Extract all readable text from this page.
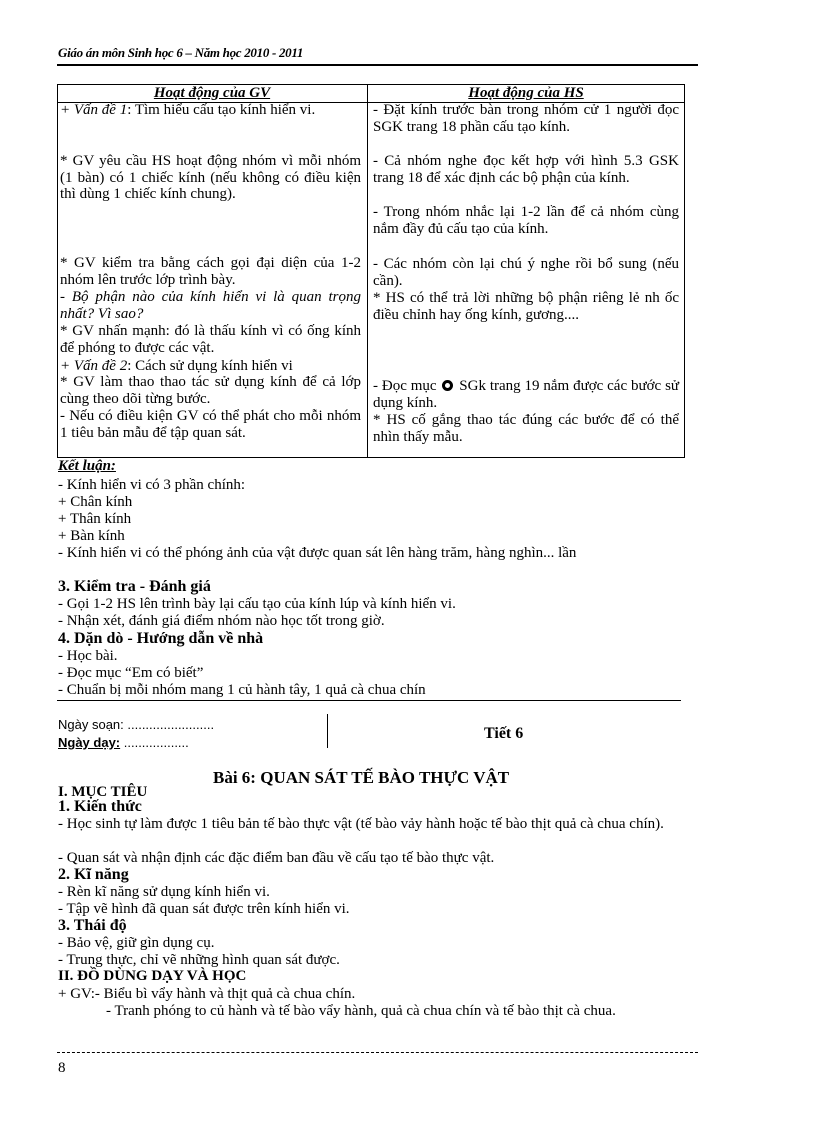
Giáo án môn Sinh học 6 – Năm học 2010 - 2011
Hoạt động của GV	Hoạt động của HS
+ Vấn đề 1: Tìm hiểu cấu tạo kính hiển vi.
* GV yêu cầu HS hoạt động nhóm vì mỗi nhóm (1 bàn) có 1 chiếc kính (nếu không có điều kiện thì dùng 1 chiếc kính chung).
* GV kiểm tra bằng cách gọi đại diện của 1-2 nhóm lên trước lớp trình bày.
- Bộ phận nào của kính hiển vi là quan trọng nhất? Vì sao?
* GV nhấn mạnh: đó là thấu kính vì có ống kính để phóng to được các vật.
+ Vấn đề 2: Cách sử dụng kính hiển vi
* GV làm thao thao tác sử dụng kính để cả lớp cùng theo dõi từng bước.
- Nếu có điều kiện GV có thể phát cho mỗi nhóm 1 tiêu bản mẫu để tập quan sát.
- Đặt kính trước bàn trong nhóm cử 1 người đọc SGK trang 18 phần cấu tạo kính.
- Cả nhóm nghe đọc kết hợp với hình 5.3 GSK trang 18 để xác định các bộ phận của kính.
- Trong nhóm nhắc lại 1-2 lần để cả nhóm cùng nắm đầy đủ cấu tạo của kính.
- Các nhóm còn lại chú ý nghe rồi bổ sung (nếu cần).
* HS có thể trả lời những bộ phận riêng lẻ nh ốc điều chỉnh hay ống kính, gương....
- Đọc mục SGk trang 19 nắm được các bước sử dụng kính.
* HS cố gắng thao tác đúng các bước để có thể nhìn thấy mẫu.
Kết luận:
- Kính hiển vi có 3 phần chính:
+ Chân kính
+ Thân kính
+ Bàn kính
- Kính hiển vi có thể phóng ảnh của vật được quan sát lên hàng trăm, hàng nghìn... lần
3. Kiểm tra - Đánh giá
- Gọi 1-2 HS lên trình bày lại cấu tạo của kính lúp và kính hiển vi.
- Nhận xét, đánh giá điểm nhóm nào học tốt trong giờ.
4. Dặn dò - Hướng dẫn về nhà
- Học bài.
- Đọc mục “Em có biết”
- Chuẩn bị mỗi nhóm mang 1 củ hành tây, 1 quả cà chua chín
Ngày soạn: ........................
Ngày dạy: ..................
Tiết 6
Bài 6: QUAN SÁT TẾ BÀO THỰC VẬT
I. MỤC TIÊU
1. Kiến thức
- Học sinh tự làm được 1 tiêu bản tế bào thực vật (tế bào vảy hành hoặc tế bào thịt quả cà chua chín).
- Quan sát và nhận định các đặc điểm ban đầu về cấu tạo tế bào thực vật.
2. Kĩ năng
- Rèn kĩ năng sử dụng kính hiển vi.
- Tập vẽ hình đã quan sát được trên kính hiển vi.
3. Thái độ
- Bảo vệ, giữ gìn dụng cụ.
- Trung thực, chỉ vẽ những hình quan sát được.
II. ĐỒ DÙNG DẠY VÀ HỌC
+ GV:- Biểu bì vẩy hành và thịt quả cà chua chín.
- Tranh phóng to củ hành và tế bào vẩy hành, quả cà chua chín và tế bào thịt cà chua.
8
